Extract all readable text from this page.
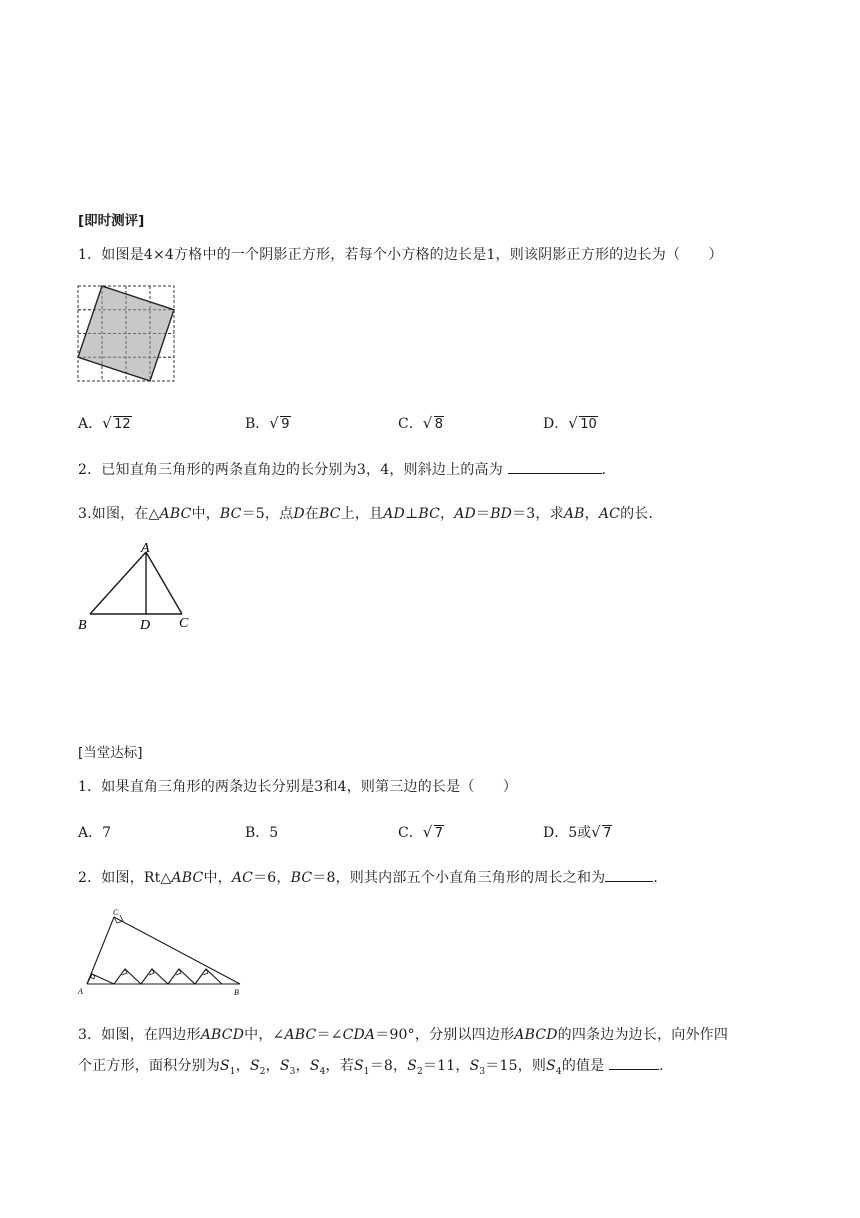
[即时测评]
1．如图是4×4方格中的一个阴影正方形，若每个小方格的边长是1，则该阴影正方形的边长为（　　）
A． √ 12	B． √ 9	C． √ 8	D． √ 10
2．已知直角三角形的两条直角边的长分别为3，4，则斜边上的高为	.
3.如图，在△ABC中，BC＝5，点D在BC上，且AD⊥BC，AD＝BD＝3，求AB，AC的长.
A
B	D C
[当堂达标]
1．如果直角三角形的两条边长分别是3和4，则第三边的长是（　　）
A．7	B．5	C． √ 7	D．5或 √ 7
2．如图，Rt△ABC中，AC＝6，BC＝8，则其内部五个小直角三角形的周长之和为	.
A
C
B
3．如图，在四边形ABCD中，∠ABC＝∠CDA＝90°，分别以四边形ABCD的四条边为边长，向外作四
个正方形，面积分别为$S_1$，$S_2$，$S_3$，$S_4$，若$S_1=8$，$S_2=11$，$S_3=15$，则$S_4$的值是	.
